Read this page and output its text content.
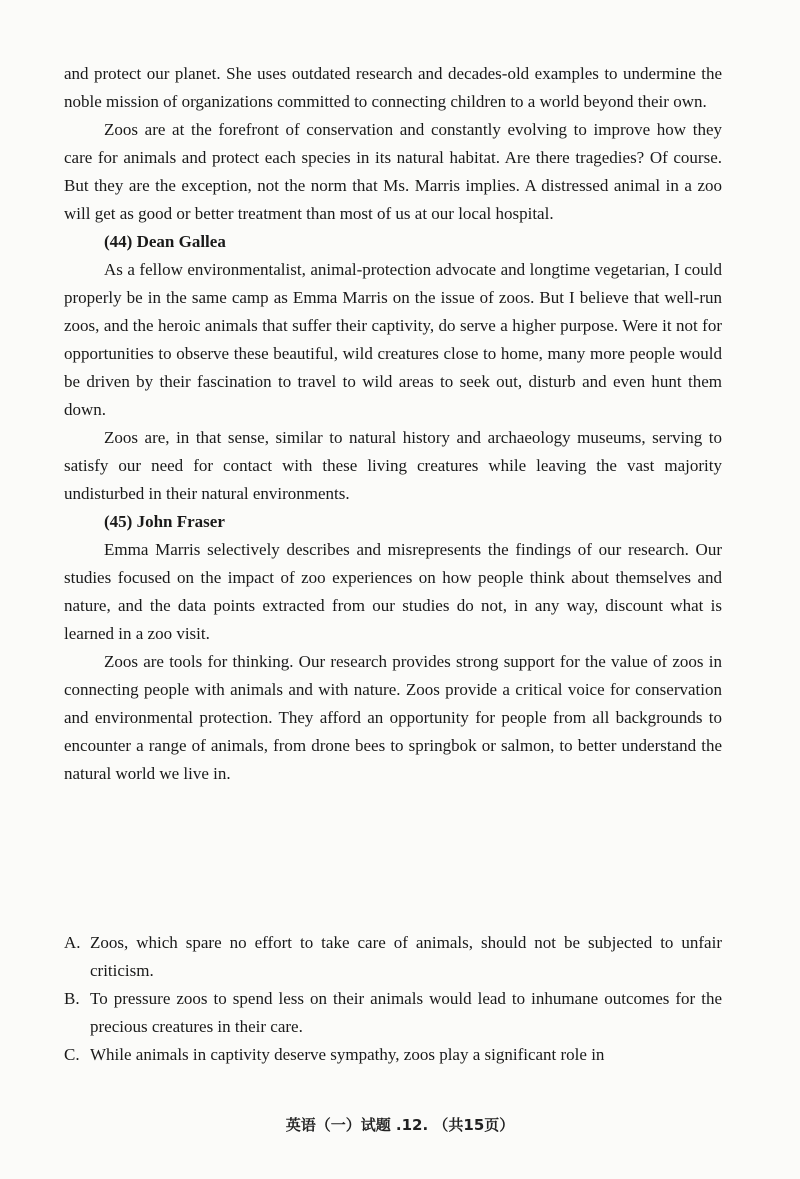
and protect our planet. She uses outdated research and decades-old examples to undermine the noble mission of organizations committed to connecting children to a world beyond their own.

Zoos are at the forefront of conservation and constantly evolving to improve how they care for animals and protect each species in its natural habitat. Are there tragedies? Of course. But they are the exception, not the norm that Ms. Marris implies. A distressed animal in a zoo will get as good or better treatment than most of us at our local hospital.

(44) Dean Gallea

As a fellow environmentalist, animal-protection advocate and longtime vegetarian, I could properly be in the same camp as Emma Marris on the issue of zoos. But I believe that well-run zoos, and the heroic animals that suffer their captivity, do serve a higher purpose. Were it not for opportunities to observe these beautiful, wild creatures close to home, many more people would be driven by their fascination to travel to wild areas to seek out, disturb and even hunt them down.

Zoos are, in that sense, similar to natural history and archaeology museums, serving to satisfy our need for contact with these living creatures while leaving the vast majority undisturbed in their natural environments.

(45) John Fraser

Emma Marris selectively describes and misrepresents the findings of our research. Our studies focused on the impact of zoo experiences on how people think about themselves and nature, and the data points extracted from our studies do not, in any way, discount what is learned in a zoo visit.

Zoos are tools for thinking. Our research provides strong support for the value of zoos in connecting people with animals and with nature. Zoos provide a critical voice for conservation and environmental protection. They afford an opportunity for people from all backgrounds to encounter a range of animals, from drone bees to springbok or salmon, to better understand the natural world we live in.

A. Zoos, which spare no effort to take care of animals, should not be subjected to unfair criticism.
B. To pressure zoos to spend less on their animals would lead to inhumane outcomes for the precious creatures in their care.
C. While animals in captivity deserve sympathy, zoos play a significant role in
英语（一）试题 .12. （共15页）
